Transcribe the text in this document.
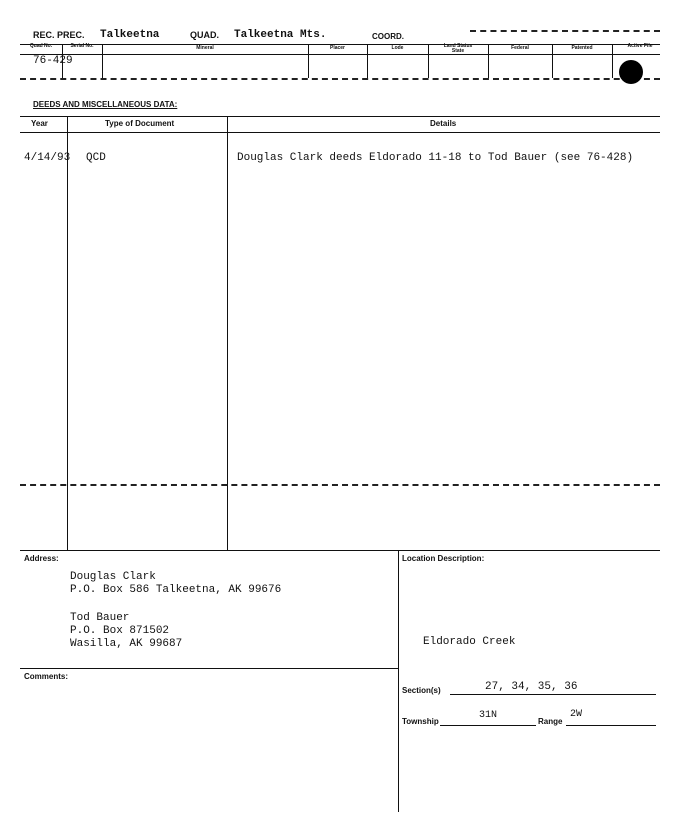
REC. PREC. Talkeetna	QUAD. Talkeetna Mts.	COORD.
Quad No.	Serial No.	Mineral	Placer	Lode	Land Status State	Federal	Patented	Active File
76-429
DEEDS AND MISCELLANEOUS DATA:
Year	Type of Document	Details
4/14/93 QCD	Douglas Clark deeds Eldorado 11-18 to Tod Bauer (see 76-428)
Address:
Douglas Clark
P.O. Box 586 Talkeetna, AK 99676
Tod Bauer
P.O. Box 871502
Wasilla, AK 99687
Comments:
Location Description:
Eldorado Creek
Section(s)	27, 34, 35, 36
Township
31N
Range
2W
